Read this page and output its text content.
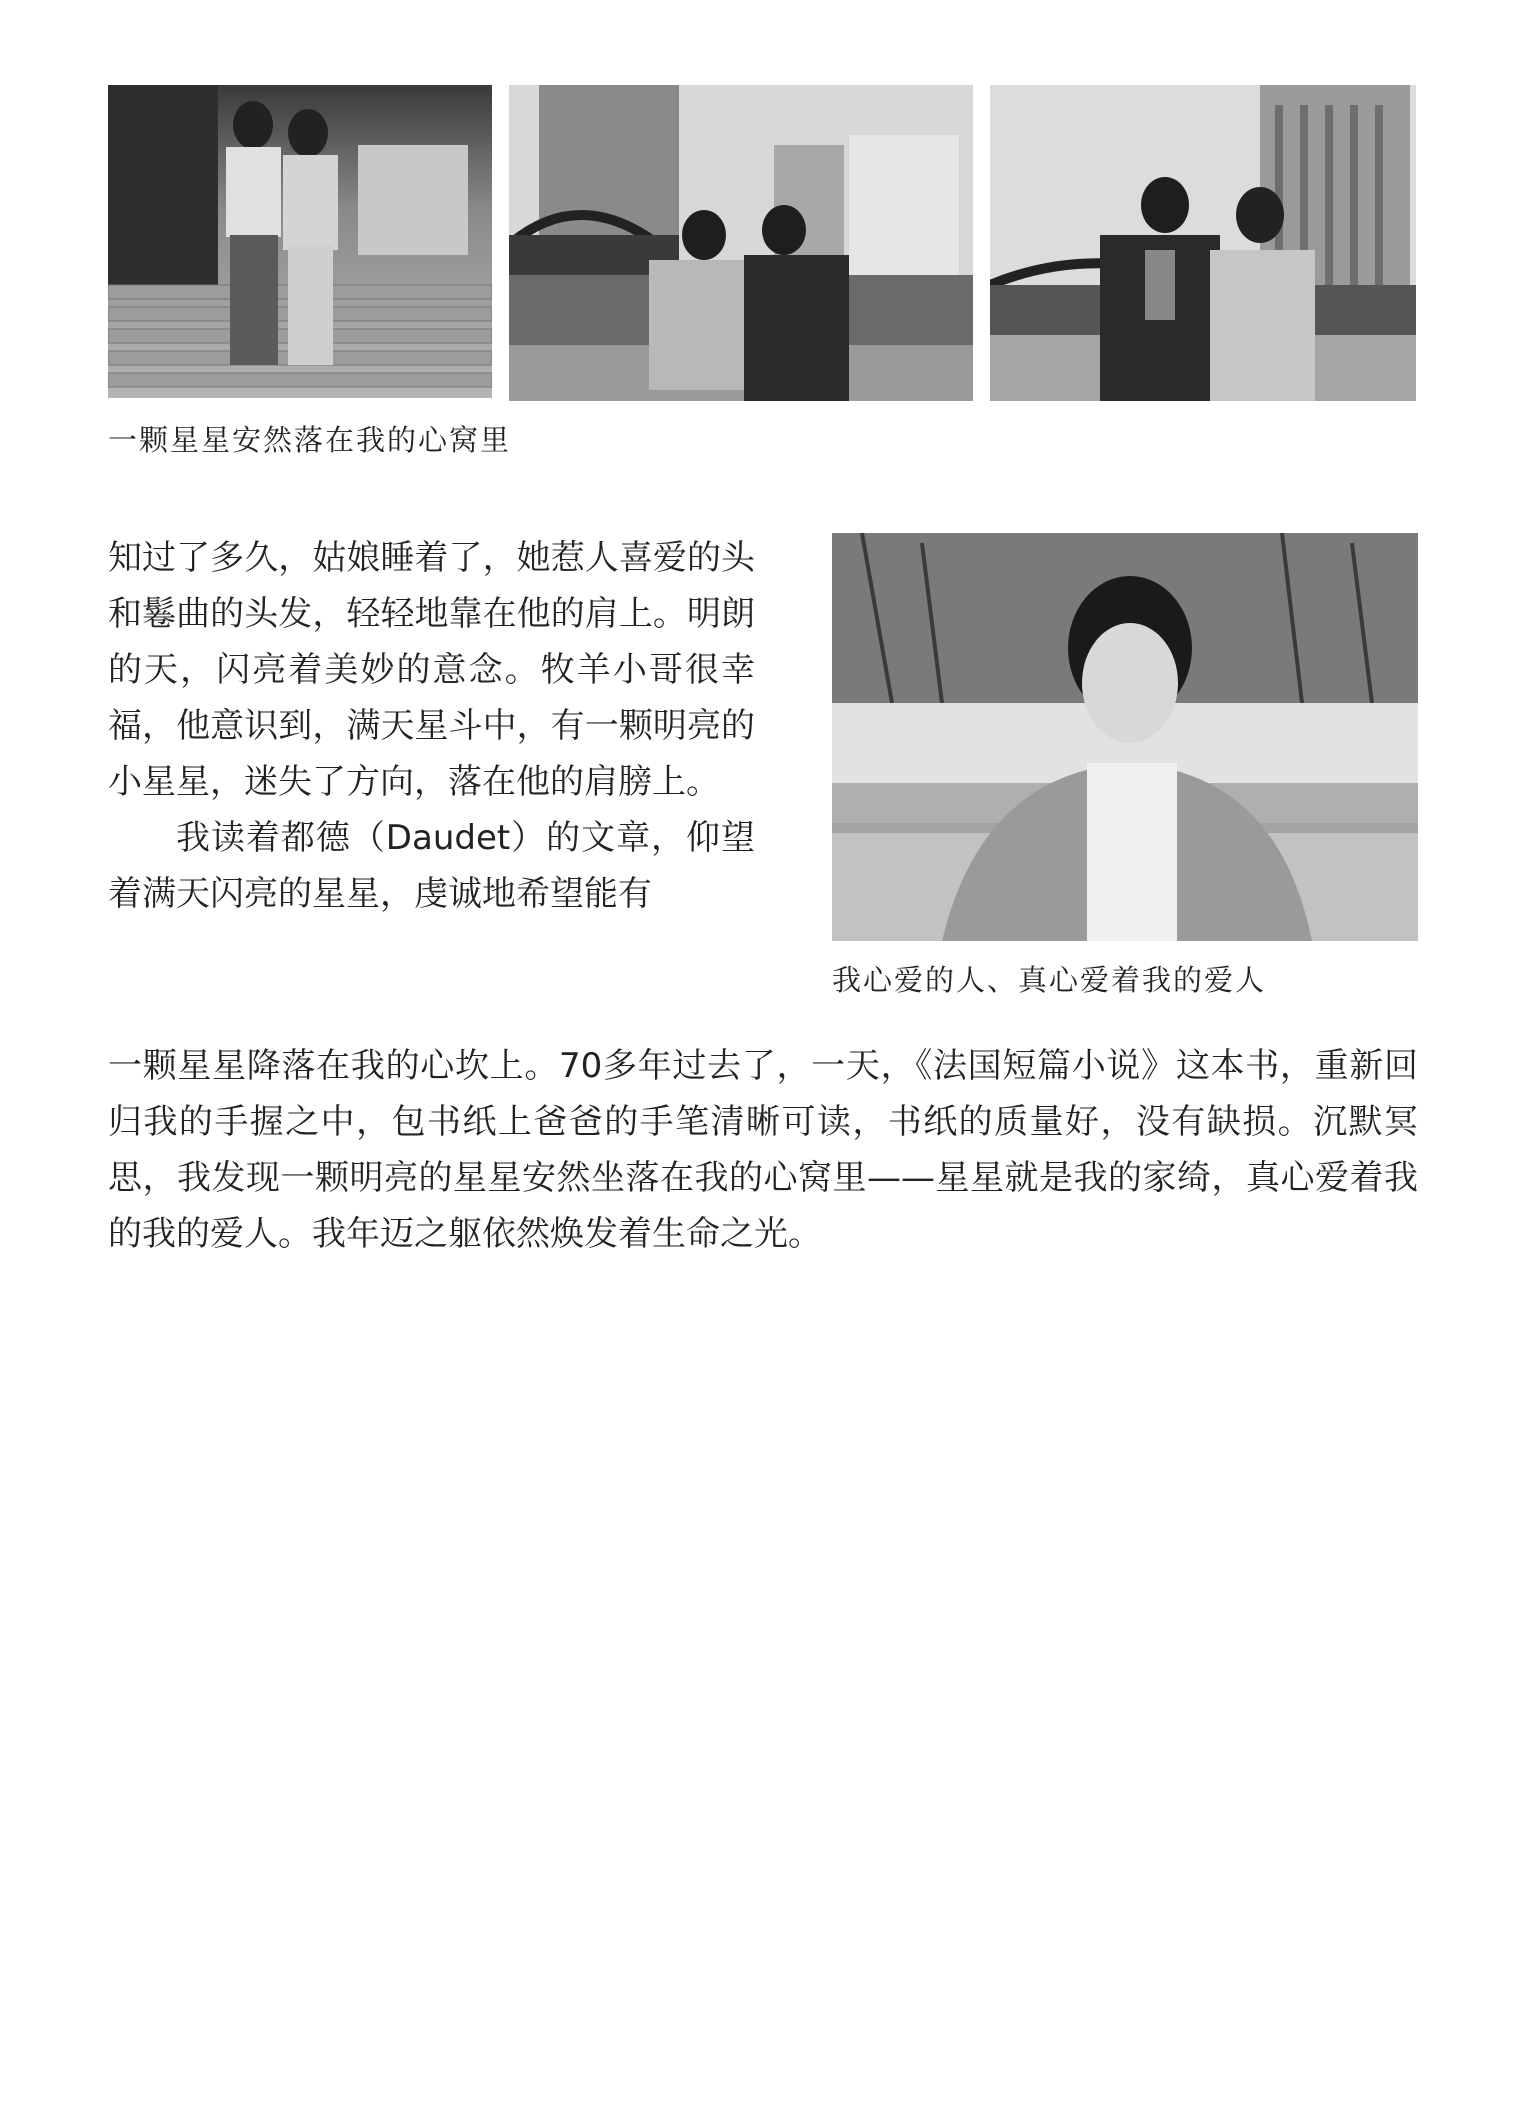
一颗星星安然落在我的心窝里
我心爱的人、真心爱着我的爱人

知过了多久，姑娘睡着了，她惹人喜爱的头和鬈曲的头发，轻轻地靠在他的肩上。明朗的天，闪亮着美妙的意念。牧羊小哥很幸福，他意识到，满天星斗中，有一颗明亮的小星星，迷失了方向，落在他的肩膀上。

我读着都德（Daudet）的文章，仰望着满天闪亮的星星，虔诚地希望能有

一颗星星降落在我的心坎上。70多年过去了，一天，《法国短篇小说》这本书，重新回归我的手握之中，包书纸上爸爸的手笔清晰可读，书纸的质量好，没有缺损。沉默冥思，我发现一颗明亮的星星安然坐落在我的心窝里——星星就是我的家绮，真心爱着我的我的爱人。我年迈之躯依然焕发着生命之光。
